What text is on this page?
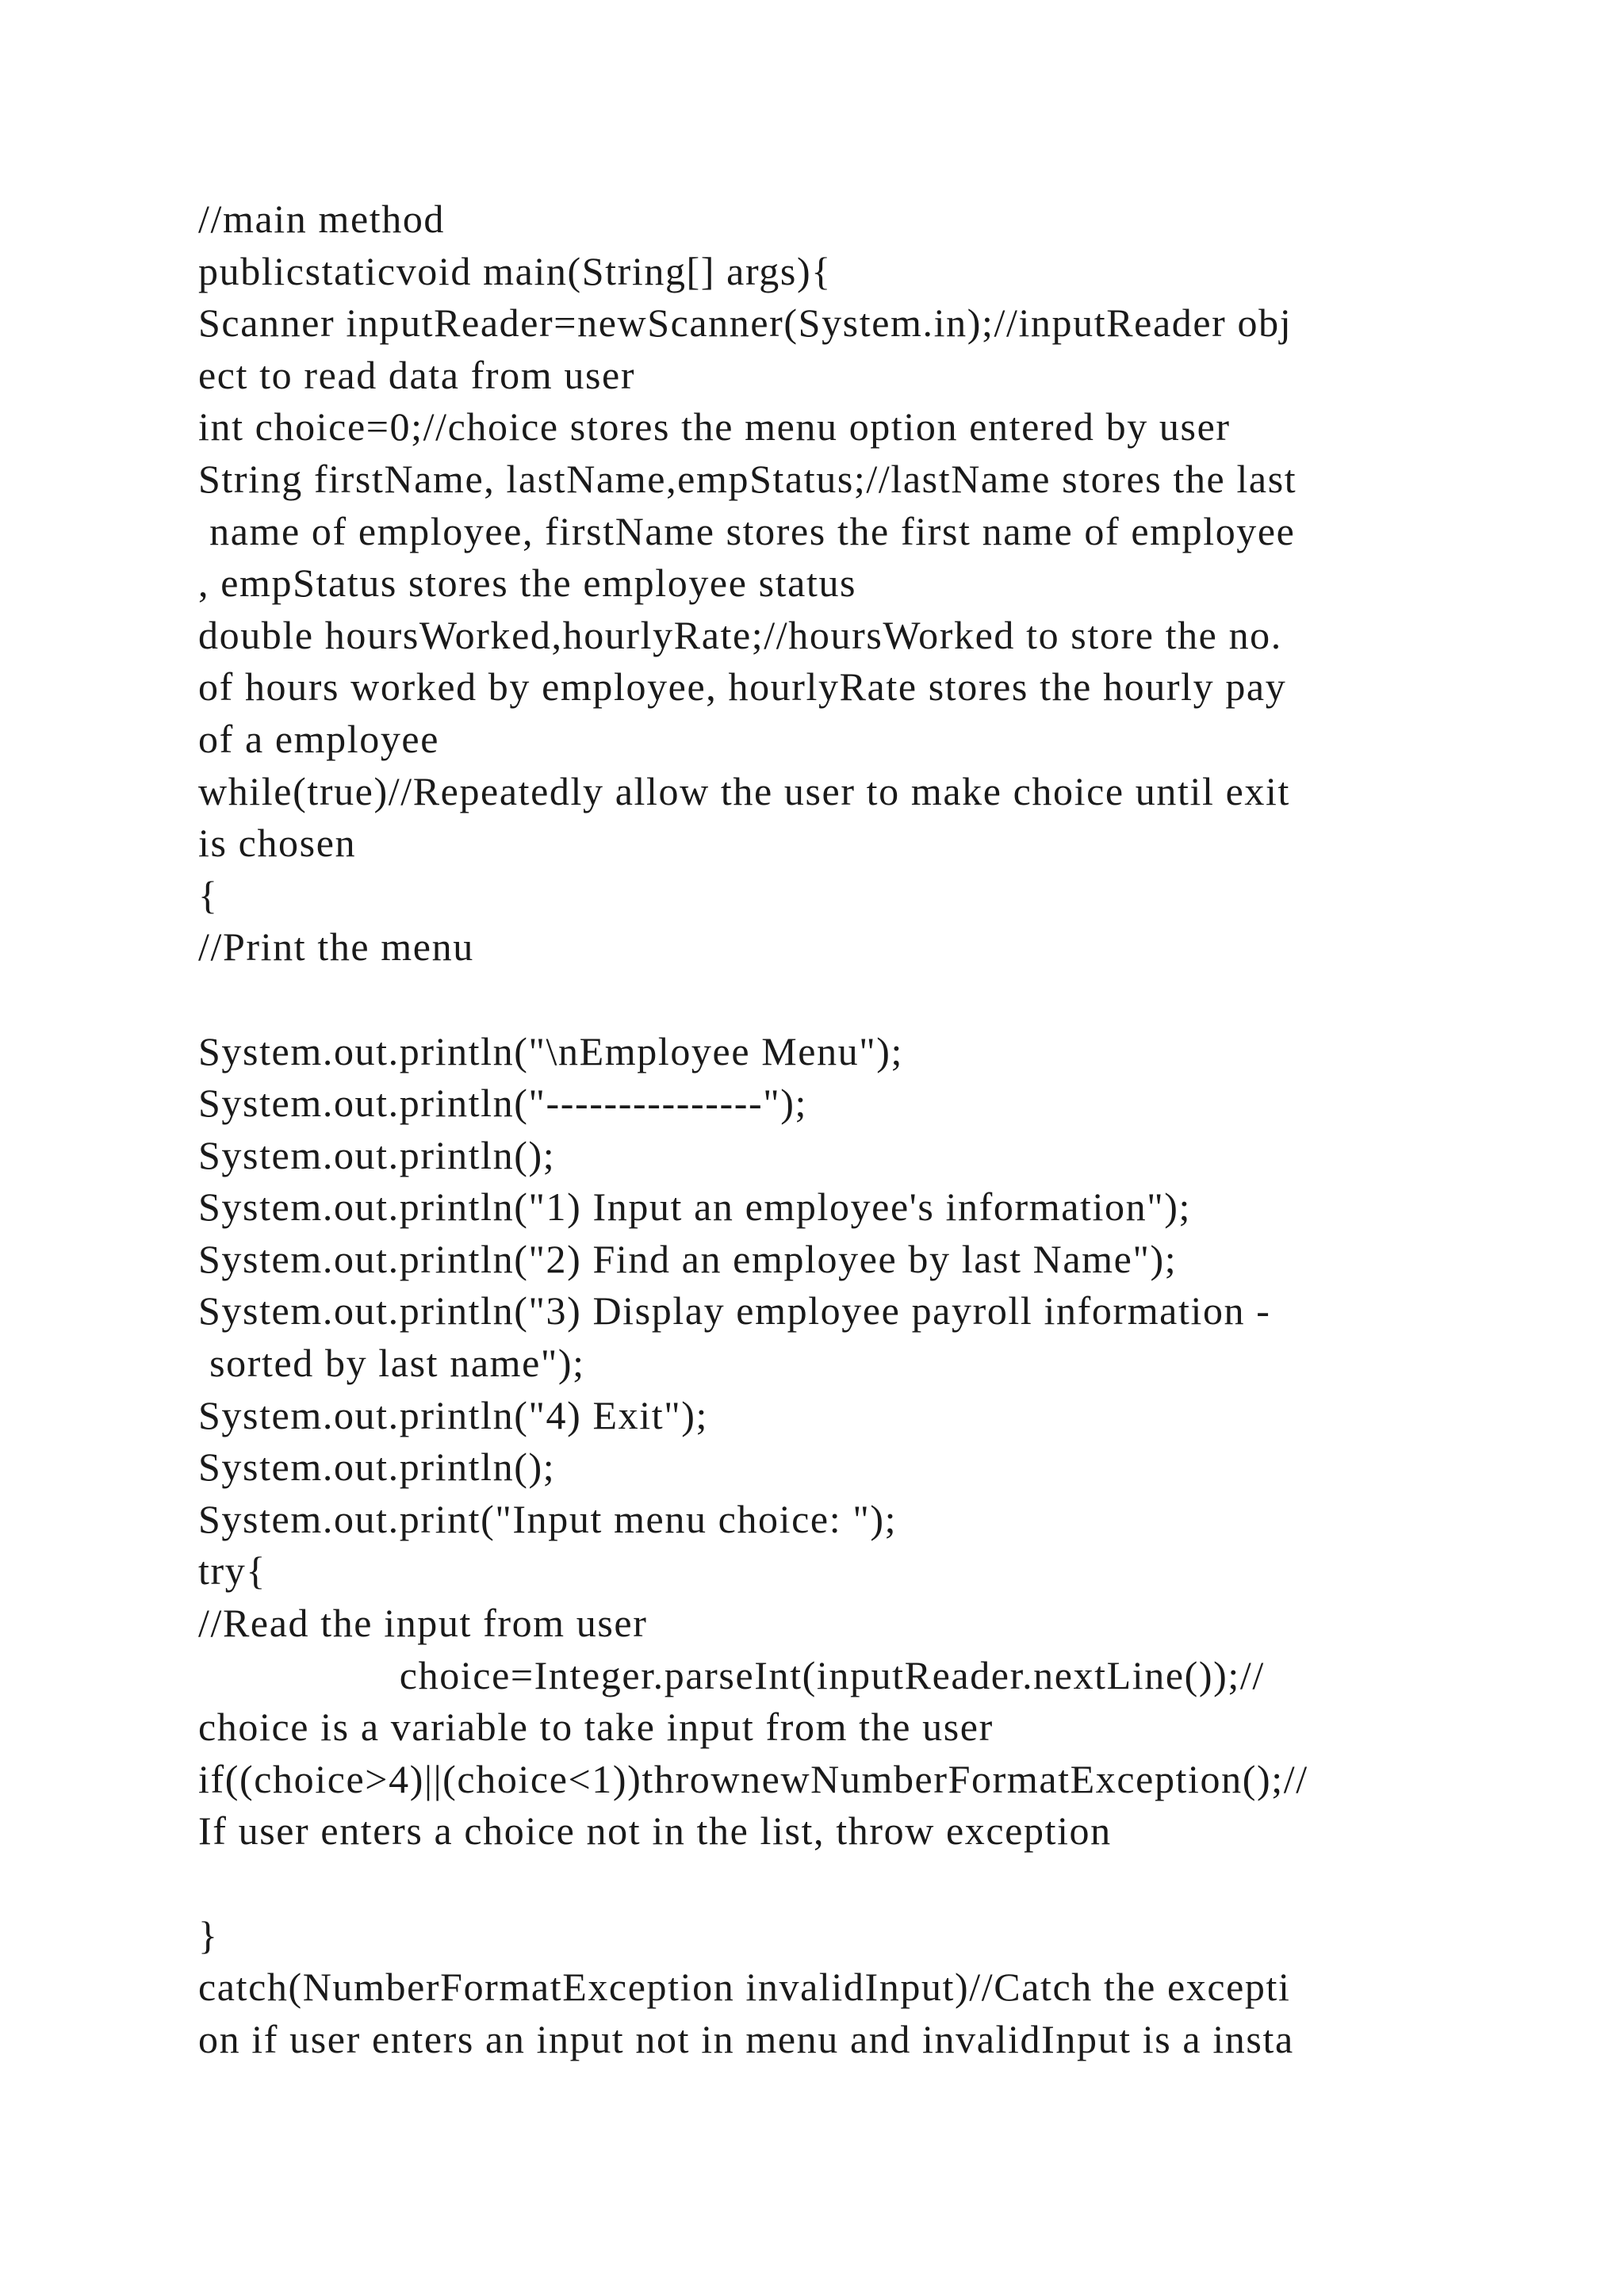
//main method
publicstaticvoid main(String[] args){
Scanner inputReader=newScanner(System.in);//inputReader obj
ect to read data from user
int choice=0;//choice stores the menu option entered by user
String firstName, lastName,empStatus;//lastName stores the last
name of employee, firstName stores the first name of employee
, empStatus stores the employee status
double hoursWorked,hourlyRate;//hoursWorked to store the no.
of hours worked by employee, hourlyRate stores the hourly pay
of a employee
while(true)//Repeatedly allow the user to make choice until exit
is chosen
{
//Print the menu
System.out.println("\nEmployee Menu");
System.out.println("---------------");
System.out.println();
System.out.println("1) Input an employee's information");
System.out.println("2) Find an employee by last Name");
System.out.println("3) Display employee payroll information -
sorted by last name");
System.out.println("4) Exit");
System.out.println();
System.out.print("Input menu choice: ");
try{
//Read the input from user
choice=Integer.parseInt(inputReader.nextLine());//
choice is a variable to take input from the user
if((choice>4)||(choice<1))thrownewNumberFormatException();//
If user enters a choice not in the list, throw exception
}
catch(NumberFormatException invalidInput)//Catch the excepti
on if user enters an input not in menu and invalidInput is a insta
